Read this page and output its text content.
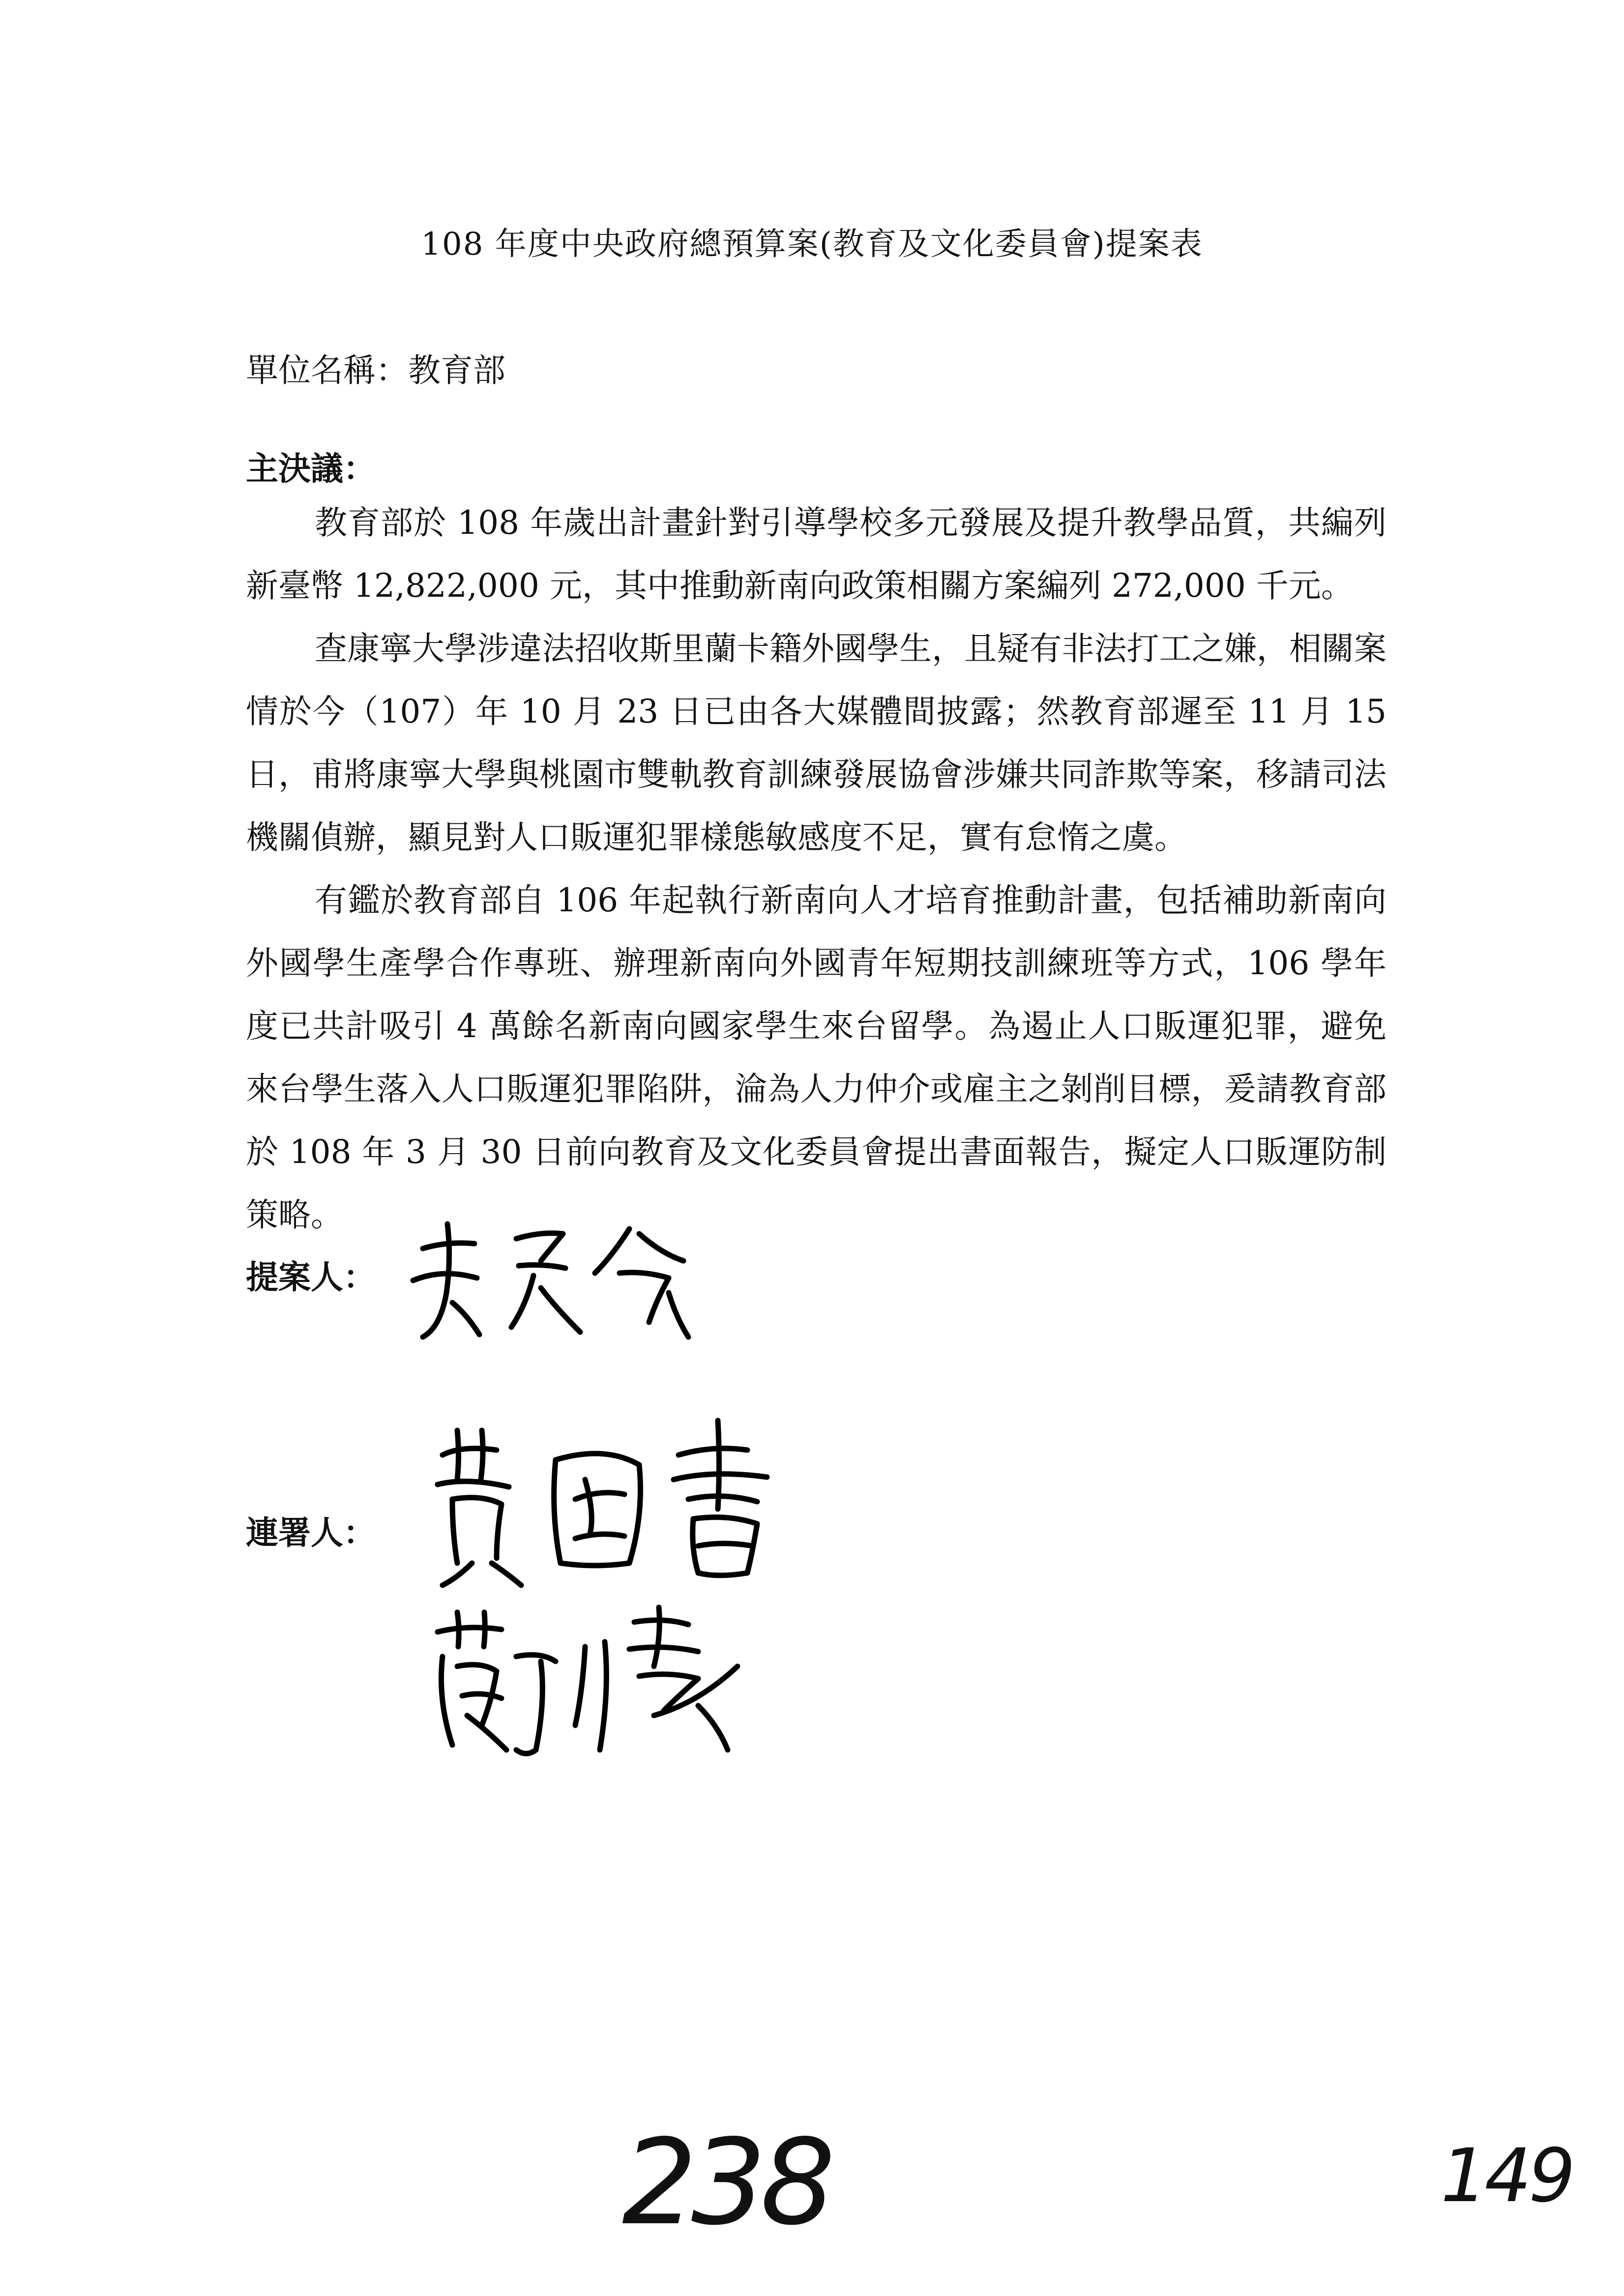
108 年度中央政府總預算案(教育及文化委員會)提案表
單位名稱：教育部
主決議：

教育部於 108 年歲出計畫針對引導學校多元發展及提升教學品質，共編列新臺幣 12,822,000 元，其中推動新南向政策相關方案編列 272,000 千元。

查康寧大學涉違法招收斯里蘭卡籍外國學生，且疑有非法打工之嫌，相關案情於今（107）年 10 月 23 日已由各大媒體間披露；然教育部遲至 11 月 15 日，甫將康寧大學與桃園市雙軌教育訓練發展協會涉嫌共同詐欺等案，移請司法機關偵辦，顯見對人口販運犯罪樣態敏感度不足，實有怠惰之虞。

有鑑於教育部自 106 年起執行新南向人才培育推動計畫，包括補助新南向外國學生產學合作專班、辦理新南向外國青年短期技訓練班等方式，106 學年度已共計吸引 4 萬餘名新南向國家學生來台留學。為遏止人口販運犯罪，避免來台學生落入人口販運犯罪陷阱，淪為人力仲介或雇主之剝削目標，爰請教育部於 108 年 3 月 30 日前向教育及文化委員會提出書面報告，擬定人口販運防制策略。

提案人：
連署人：
238	149
